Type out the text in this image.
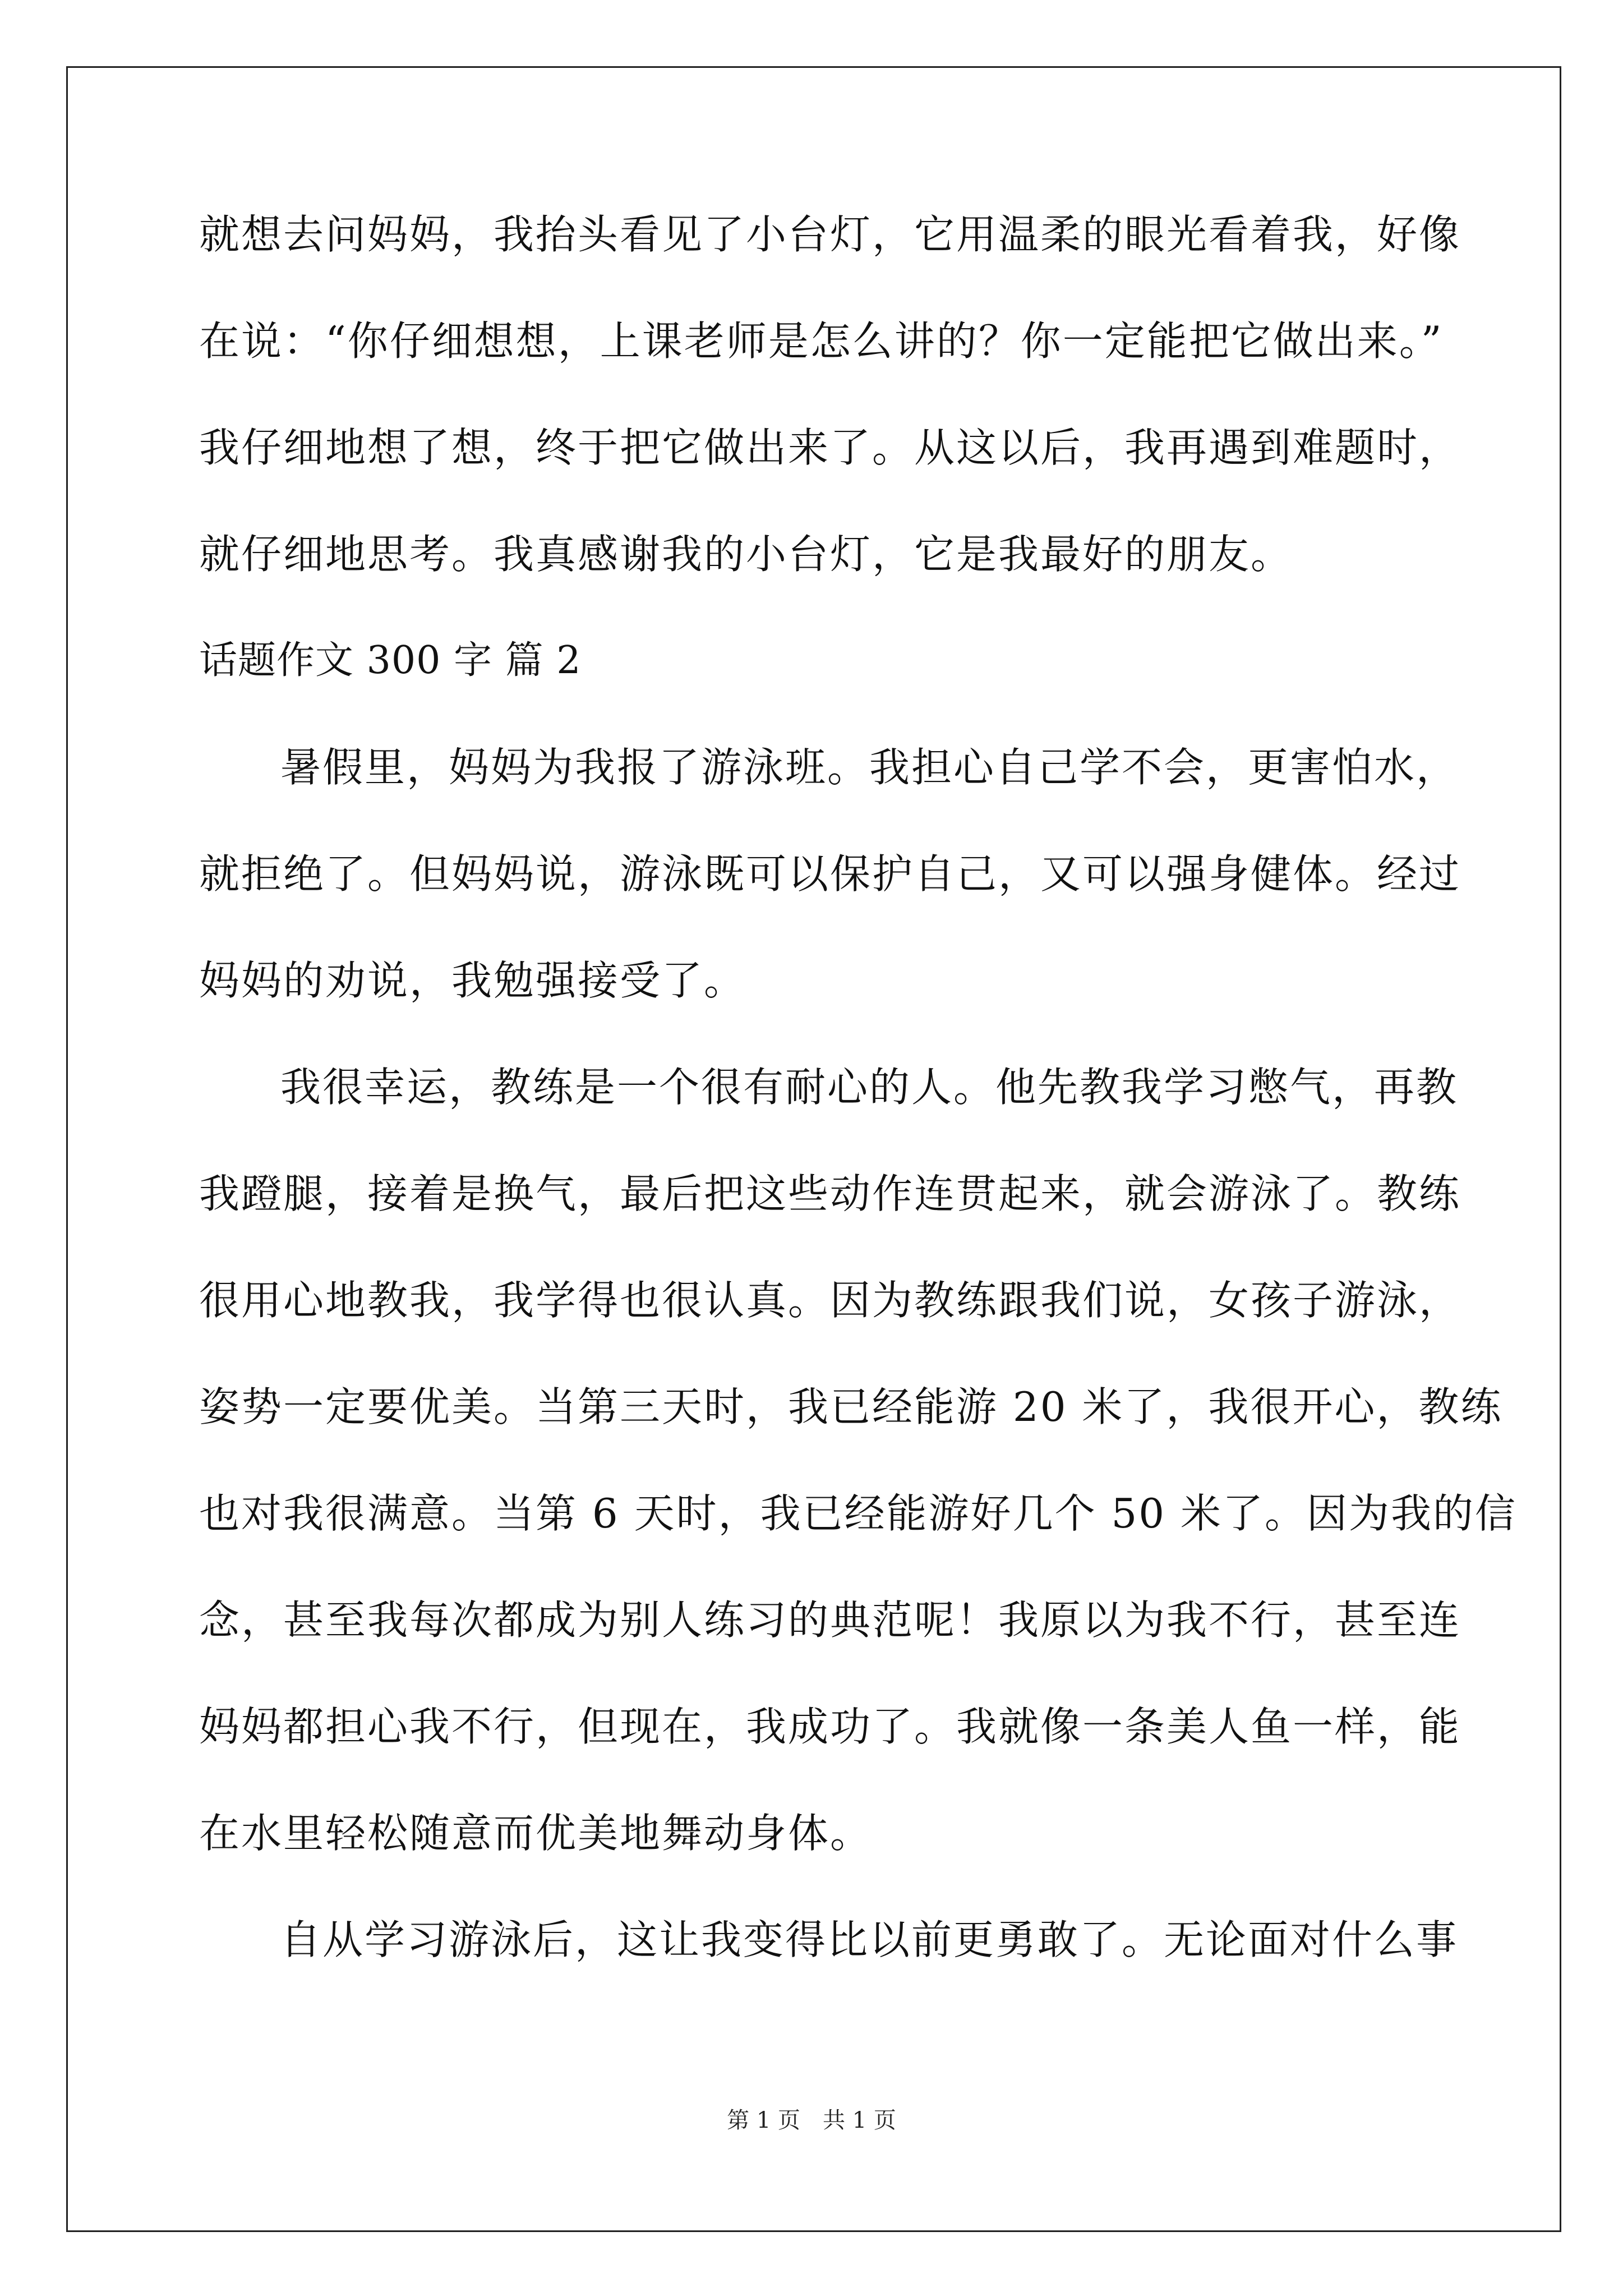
就想去问妈妈，我抬头看见了小台灯，它用温柔的眼光看着我，好像
在说：“你仔细想想，上课老师是怎么讲的？你一定能把它做出来。”
我仔细地想了想，终于把它做出来了。从这以后，我再遇到难题时，
就仔细地思考。我真感谢我的小台灯，它是我最好的朋友。
话题作文 300 字 篇 2
暑假里，妈妈为我报了游泳班。我担心自己学不会，更害怕水，
就拒绝了。但妈妈说，游泳既可以保护自己，又可以强身健体。经过
妈妈的劝说，我勉强接受了。
我很幸运，教练是一个很有耐心的人。他先教我学习憋气，再教
我蹬腿，接着是换气，最后把这些动作连贯起来，就会游泳了。教练
很用心地教我，我学得也很认真。因为教练跟我们说，女孩子游泳，
姿势一定要优美。当第三天时，我已经能游 20 米了，我很开心，教练
也对我很满意。当第 6 天时，我已经能游好几个 50 米了。因为我的信
念，甚至我每次都成为别人练习的典范呢！我原以为我不行，甚至连
妈妈都担心我不行，但现在，我成功了。我就像一条美人鱼一样，能
在水里轻松随意而优美地舞动身体。
自从学习游泳后，这让我变得比以前更勇敢了。无论面对什么事
第 1 页　共 1 页
